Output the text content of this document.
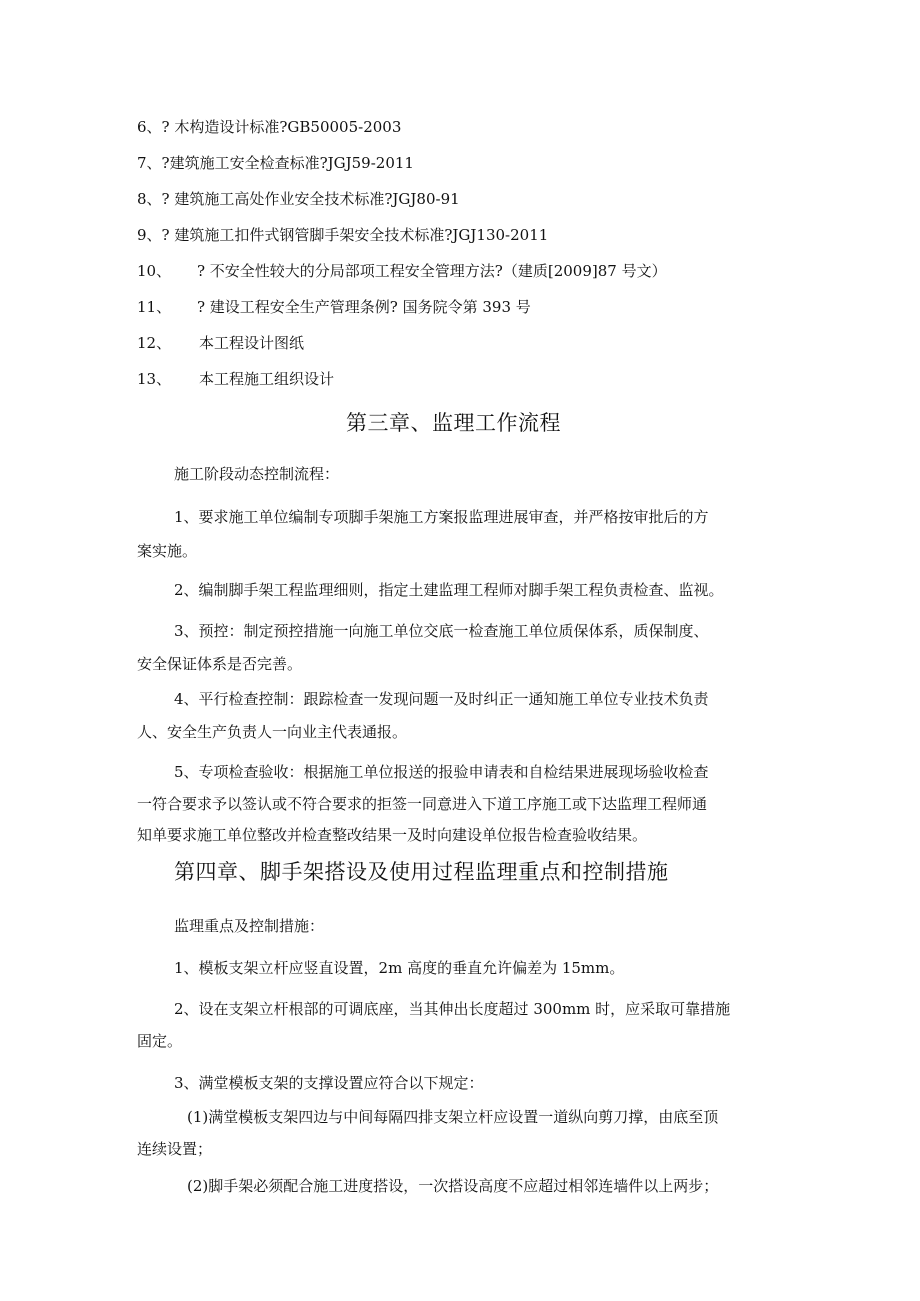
6、? 木构造设计标准?GB50005-2003
7、?建筑施工安全检查标准?JGJ59-2011
8、? 建筑施工高处作业安全技术标准?JGJ80-91
9、? 建筑施工扣件式钢管脚手架安全技术标准?JGJ130-2011
10、 ? 不安全性较大的分局部项工程安全管理方法?（建质[2009]87 号文）
11、 ? 建设工程安全生产管理条例? 国务院令第 393 号
12、 本工程设计图纸
13、 本工程施工组织设计
第三章、监理工作流程
施工阶段动态控制流程：
1、要求施工单位编制专项脚手架施工方案报监理进展审查，并严格按审批后的方
案实施。
2、编制脚手架工程监理细则，指定土建监理工程师对脚手架工程负责检查、监视。
3、预控：制定预控措施一向施工单位交底一检查施工单位质保体系，质保制度、
安全保证体系是否完善。
4、平行检查控制：跟踪检查一发现问题一及时纠正一通知施工单位专业技术负责
人、安全生产负责人一向业主代表通报。
5、专项检查验收：根据施工单位报送的报验申请表和自检结果进展现场验收检查
一符合要求予以签认或不符合要求的拒签一同意进入下道工序施工或下达监理工程师通
知单要求施工单位整改并检查整改结果一及时向建设单位报告检查验收结果。
第四章、脚手架搭设及使用过程监理重点和控制措施
监理重点及控制措施：
1、模板支架立杆应竖直设置，2m 高度的垂直允许偏差为 15mm。
2、设在支架立杆根部的可调底座，当其伸出长度超过 300mm 时，应采取可靠措施
固定。
3、满堂模板支架的支撑设置应符合以下规定：
(1)满堂模板支架四边与中间每隔四排支架立杆应设置一道纵向剪刀撑，由底至顶
连续设置；
(2)脚手架必须配合施工进度搭设，一次搭设高度不应超过相邻连墙件以上两步；
